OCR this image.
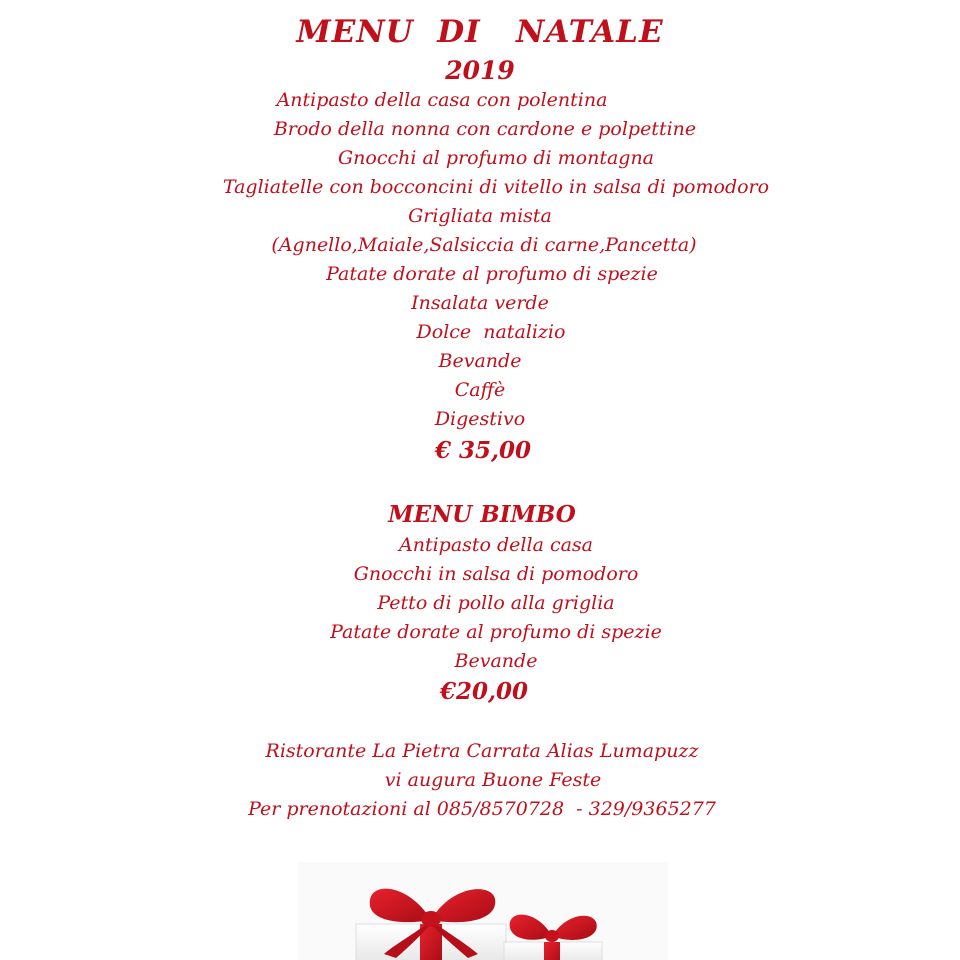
MENU  DI   NATALE
2019
Antipasto della casa con polentina
Brodo della nonna con cardone e polpettine
Gnocchi al profumo di montagna
Tagliatelle con bocconcini di vitello in salsa di pomodoro
Grigliata mista
(Agnello,Maiale,Salsiccia di carne,Pancetta)
Patate dorate al profumo di spezie
Insalata verde
Dolce  natalizio
Bevande
Caffè
Digestivo
€ 35,00
MENU BIMBO
Antipasto della casa
Gnocchi in salsa di pomodoro
Petto di pollo alla griglia
Patate dorate al profumo di spezie
Bevande
€20,00
Ristorante La Pietra Carrata Alias Lumapuzz
vi augura Buone Feste
Per prenotazioni al 085/8570728  - 329/9365277
